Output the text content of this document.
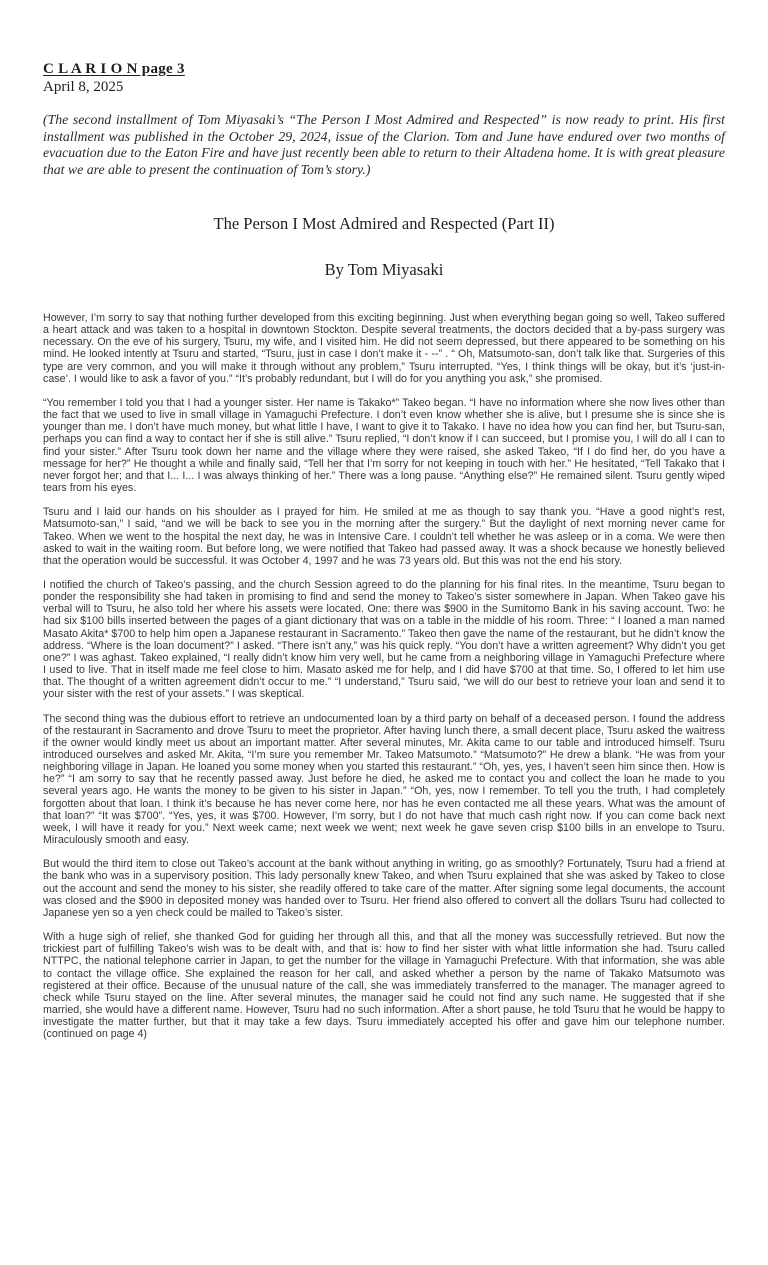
C L A R I O N page 3
April 8, 2025
(The second installment of Tom Miyasaki’s “The Person I Most Admired and Respected” is now ready to print. His first installment was published in the October 29, 2024, issue of the Clarion. Tom and June have endured over two months of evacuation due to the Eaton Fire and have just recently been able to return to their Altadena home. It is with great pleasure that we are able to present the continuation of Tom’s story.)
The Person I Most Admired and Respected (Part II)
By Tom Miyasaki

However, I’m sorry to say that nothing further developed from this exciting beginning. Just when everything began going so well, Takeo suffered a heart attack and was taken to a hospital in downtown Stockton. Despite several treatments, the doctors decided that a by-pass surgery was necessary. On the eve of his surgery, Tsuru, my wife, and I visited him. He did not seem depressed, but there appeared to be something on his mind. He looked intently at Tsuru and started, “Tsuru, just in case I don’t make it - --” . “ Oh, Matsumoto-san, don’t talk like that. Surgeries of this type are very common, and you will make it through without any problem,” Tsuru interrupted. “Yes, I think things will be okay, but it’s ‘just-in-case’. I would like to ask a favor of you.” “It’s probably redundant, but I will do for you anything you ask,” she promised.

“You remember I told you that I had a younger sister. Her name is Takako*” Takeo began. “I have no information where she now lives other than the fact that we used to live in small village in Yamaguchi Prefecture. I don’t even know whether she is alive, but I presume she is since she is younger than me. I don’t have much money, but what little I have, I want to give it to Takako. I have no idea how you can find her, but Tsuru-san, perhaps you can find a way to contact her if she is still alive.” Tsuru replied, “I don’t know if I can succeed, but I promise you, I will do all I can to find your sister.” After Tsuru took down her name and the village where they were raised, she asked Takeo, “If I do find her, do you have a message for her?” He thought a while and finally said, “Tell her that I’m sorry for not keeping in touch with her.” He hesitated, “Tell Takako that I never forgot her; and that I... I... I was always thinking of her.” There was a long pause. “Anything else?” He remained silent. Tsuru gently wiped tears from his eyes.

Tsuru and I laid our hands on his shoulder as I prayed for him. He smiled at me as though to say thank you. “Have a good night’s rest, Matsumoto-san,” I said, “and we will be back to see you in the morning after the surgery.” But the daylight of next morning never came for Takeo. When we went to the hospital the next day, he was in Intensive Care. I couldn’t tell whether he was asleep or in a coma. We were then asked to wait in the waiting room. But before long, we were notified that Takeo had passed away. It was a shock because we honestly believed that the operation would be successful. It was October 4, 1997 and he was 73 years old. But this was not the end his story.

I notified the church of Takeo’s passing, and the church Session agreed to do the planning for his final rites. In the meantime, Tsuru began to ponder the responsibility she had taken in promising to find and send the money to Takeo’s sister somewhere in Japan. When Takeo gave his verbal will to Tsuru, he also told her where his assets were located. One: there was $900 in the Sumitomo Bank in his saving account. Two: he had six $100 bills inserted between the pages of a giant dictionary that was on a table in the middle of his room. Three: “ I loaned a man named Masato Akita* $700 to help him open a Japanese restaurant in Sacramento.” Takeo then gave the name of the restaurant, but he didn’t know the address. “Where is the loan document?” I asked. “There isn’t any,” was his quick reply. “You don’t have a written agreement? Why didn’t you get one?” I was aghast. Takeo explained, “I really didn’t know him very well, but he came from a neighboring village in Yamaguchi Prefecture where I used to live. That in itself made me feel close to him. Masato asked me for help, and I did have $700 at that time. So, I offered to let him use that. The thought of a written agreement didn’t occur to me.” “I understand,” Tsuru said, “we will do our best to retrieve your loan and send it to your sister with the rest of your assets.” I was skeptical.

The second thing was the dubious effort to retrieve an undocumented loan by a third party on behalf of a deceased person. I found the address of the restaurant in Sacramento and drove Tsuru to meet the proprietor. After having lunch there, a small decent place, Tsuru asked the waitress if the owner would kindly meet us about an important matter. After several minutes, Mr. Akita came to our table and introduced himself. Tsuru introduced ourselves and asked Mr. Akita, “I’m sure you remember Mr. Takeo Matsumoto.” “Matsumoto?” He drew a blank. “He was from your neighboring village in Japan. He loaned you some money when you started this restaurant.” “Oh, yes, yes, I haven’t seen him since then. How is he?” “I am sorry to say that he recently passed away. Just before he died, he asked me to contact you and collect the loan he made to you several years ago. He wants the money to be given to his sister in Japan.” “Oh, yes, now I remember. To tell you the truth, I had completely forgotten about that loan. I think it’s because he has never come here, nor has he even contacted me all these years. What was the amount of that loan?” “It was $700”. “Yes, yes, it was $700. However, I’m sorry, but I do not have that much cash right now. If you can come back next week, I will have it ready for you.” Next week came; next week we went; next week he gave seven crisp $100 bills in an envelope to Tsuru. Miraculously smooth and easy.

But would the third item to close out Takeo’s account at the bank without anything in writing, go as smoothly? Fortunately, Tsuru had a friend at the bank who was in a supervisory position. This lady personally knew Takeo, and when Tsuru explained that she was asked by Takeo to close out the account and send the money to his sister, she readily offered to take care of the matter. After signing some legal documents, the account was closed and the $900 in deposited money was handed over to Tsuru. Her friend also offered to convert all the dollars Tsuru had collected to Japanese yen so a yen check could be mailed to Takeo’s sister.

With a huge sigh of relief, she thanked God for guiding her through all this, and that all the money was successfully retrieved. But now the trickiest part of fulfilling Takeo’s wish was to be dealt with, and that is: how to find her sister with what little information she had. Tsuru called NTTPC, the national telephone carrier in Japan, to get the number for the village in Yamaguchi Prefecture. With that information, she was able to contact the village office. She explained the reason for her call, and asked whether a person by the name of Takako Matsumoto was registered at their office. Because of the unusual nature of the call, she was immediately transferred to the manager. The manager agreed to check while Tsuru stayed on the line. After several minutes, the manager said he could not find any such name. He suggested that if she married, she would have a different name. However, Tsuru had no such information. After a short pause, he told Tsuru that he would be happy to investigate the matter further, but that it may take a few days. Tsuru immediately accepted his offer and gave him our telephone number. (continued on page 4)
